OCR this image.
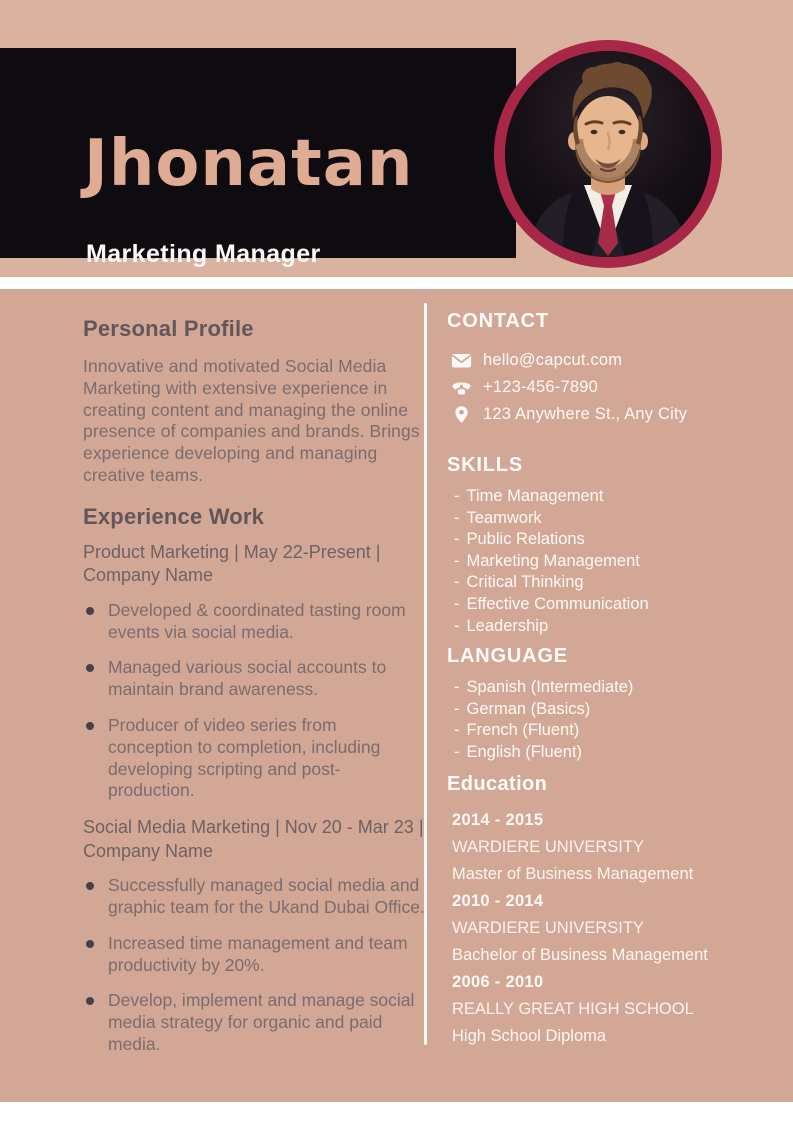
Jhonatan
Marketing Manager
Personal Profile
Innovative and motivated Social Media Marketing with extensive experience in creating content and managing the online presence of companies and brands. Brings experience developing and managing creative teams.
Experience Work
Product Marketing | May 22-Present | Company Name
Developed & coordinated tasting room events via social media.
Managed various social accounts to maintain brand awareness.
Producer of video series from conception to completion, including developing scripting and post-production.
Social Media Marketing | Nov 20 - Mar 23 | Company Name
Successfully managed social media and graphic team for the Ukand Dubai Office.
Increased time management and team productivity by 20%.
Develop, implement and manage social media strategy for organic and paid media.
CONTACT
hello@capcut.com
+123-456-7890
123 Anywhere St., Any City
SKILLS
- Time Management
- Teamwork
- Public Relations
- Marketing Management
- Critical Thinking
- Effective Communication
- Leadership
LANGUAGE
- Spanish (Intermediate)
- German (Basics)
- French (Fluent)
- English (Fluent)
Education
2014 - 2015
WARDIERE UNIVERSITY
Master of Business Management
2010 - 2014
WARDIERE UNIVERSITY
Bachelor of Business Management
2006 - 2010
REALLY GREAT HIGH SCHOOL
High School Diploma
